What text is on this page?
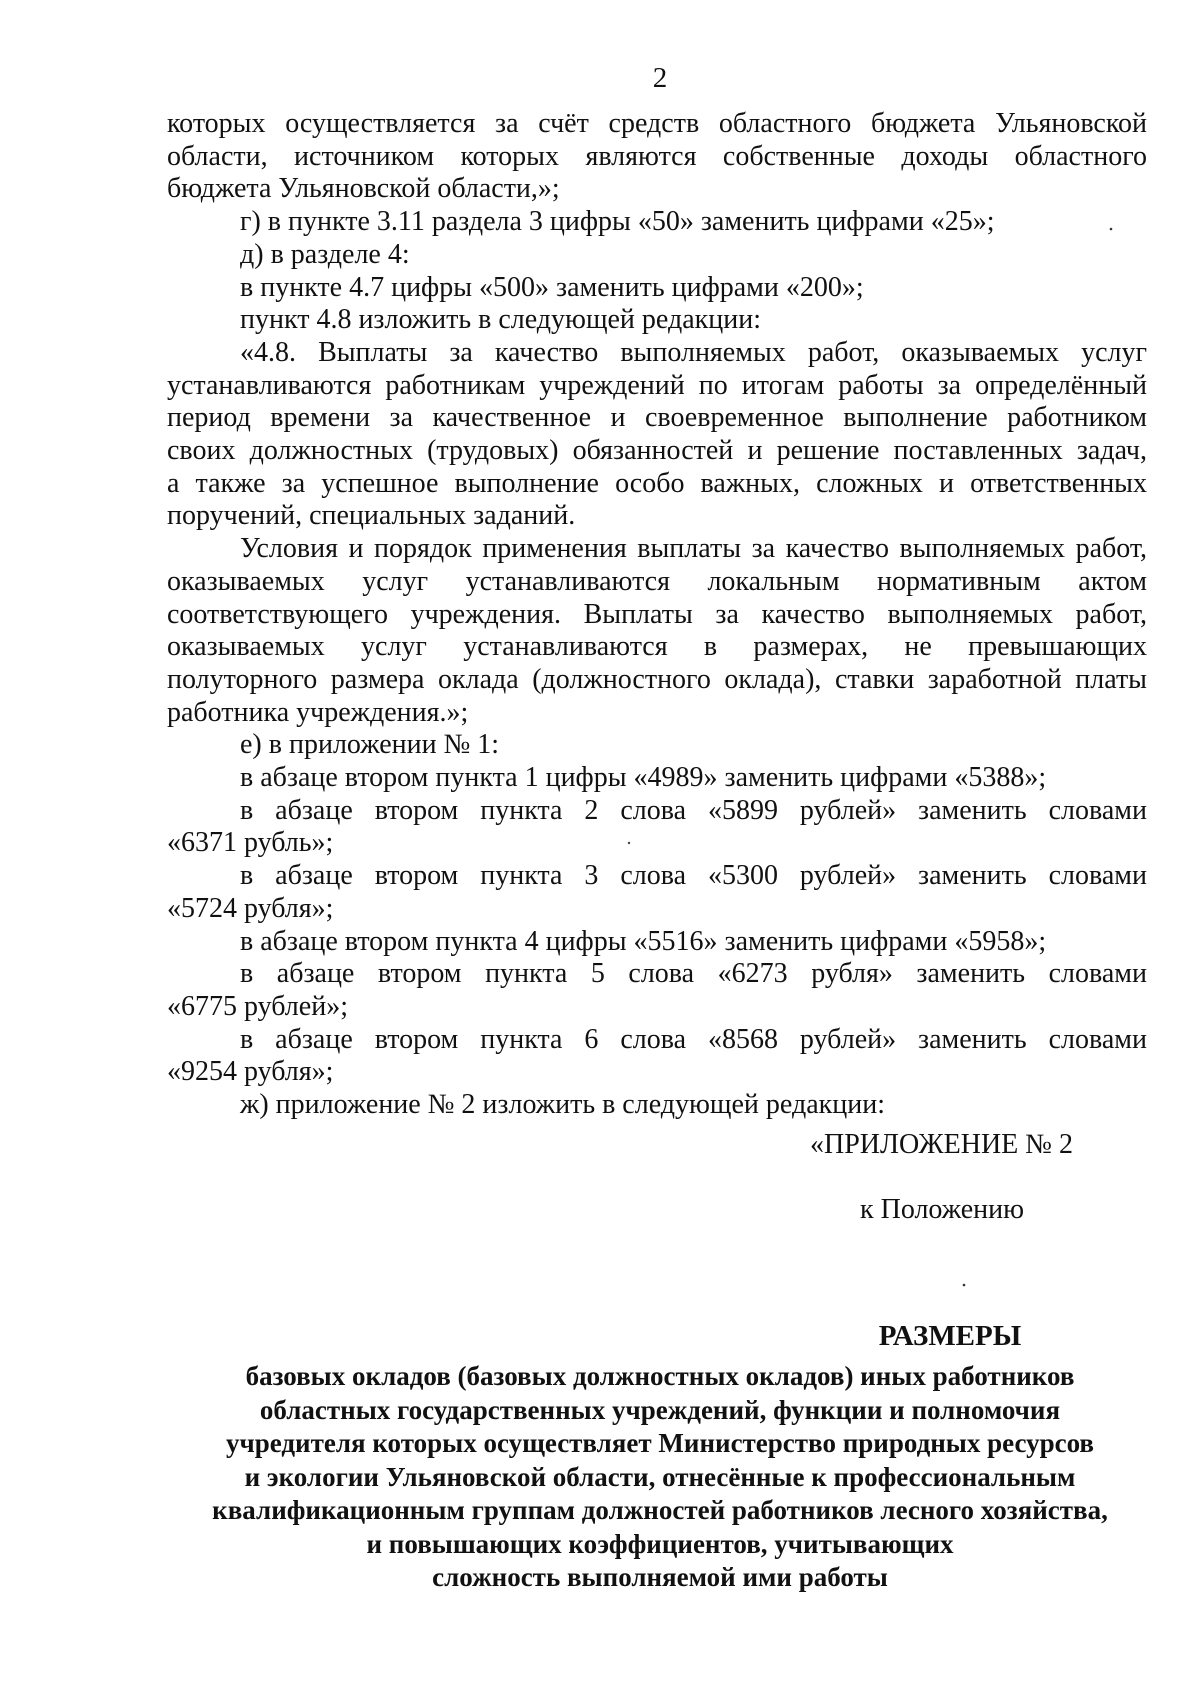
2

которых осуществляется за счёт средств областного бюджета Ульяновской

области, источником которых являются собственные доходы областного

бюджета Ульяновской области,»;

г) в пункте 3.11 раздела 3 цифры «50» заменить цифрами «25»;

д) в разделе 4:

в пункте 4.7 цифры «500» заменить цифрами «200»;

пункт 4.8 изложить в следующей редакции:

«4.8. Выплаты за качество выполняемых работ, оказываемых услуг

устанавливаются работникам учреждений по итогам работы за определённый

период времени за качественное и своевременное выполнение работником

своих должностных (трудовых) обязанностей и решение поставленных задач,

а также за успешное выполнение особо важных, сложных и ответственных

поручений, специальных заданий.

Условия и порядок применения выплаты за качество выполняемых работ,

оказываемых услуг устанавливаются локальным нормативным актом

соответствующего учреждения. Выплаты за качество выполняемых работ,

оказываемых услуг устанавливаются в размерах, не превышающих

полуторного размера оклада (должностного оклада), ставки заработной платы

работника учреждения.»;

е) в приложении № 1:

в абзаце втором пункта 1 цифры «4989» заменить цифрами «5388»;

в абзаце втором пункта 2 слова «5899 рублей» заменить словами

«6371 рубль»;

в абзаце втором пункта 3 слова «5300 рублей» заменить словами

«5724 рубля»;

в абзаце втором пункта 4 цифры «5516» заменить цифрами «5958»;

в абзаце втором пункта 5 слова «6273 рубля» заменить словами

«6775 рублей»;

в абзаце втором пункта 6 слова «8568 рублей» заменить словами

«9254 рубля»;

ж) приложение № 2 изложить в следующей редакции:

«ПРИЛОЖЕНИЕ № 2
к Положению
РАЗМЕРЫ
базовых окладов (базовых должностных окладов) иных работников
областных государственных учреждений, функции и полномочия
учредителя которых осуществляет Министерство природных ресурсов
и экологии Ульяновской области, отнесённые к профессиональным
квалификационным группам должностей работников лесного хозяйства,
и повышающих коэффициентов, учитывающих
сложность выполняемой ими работы
